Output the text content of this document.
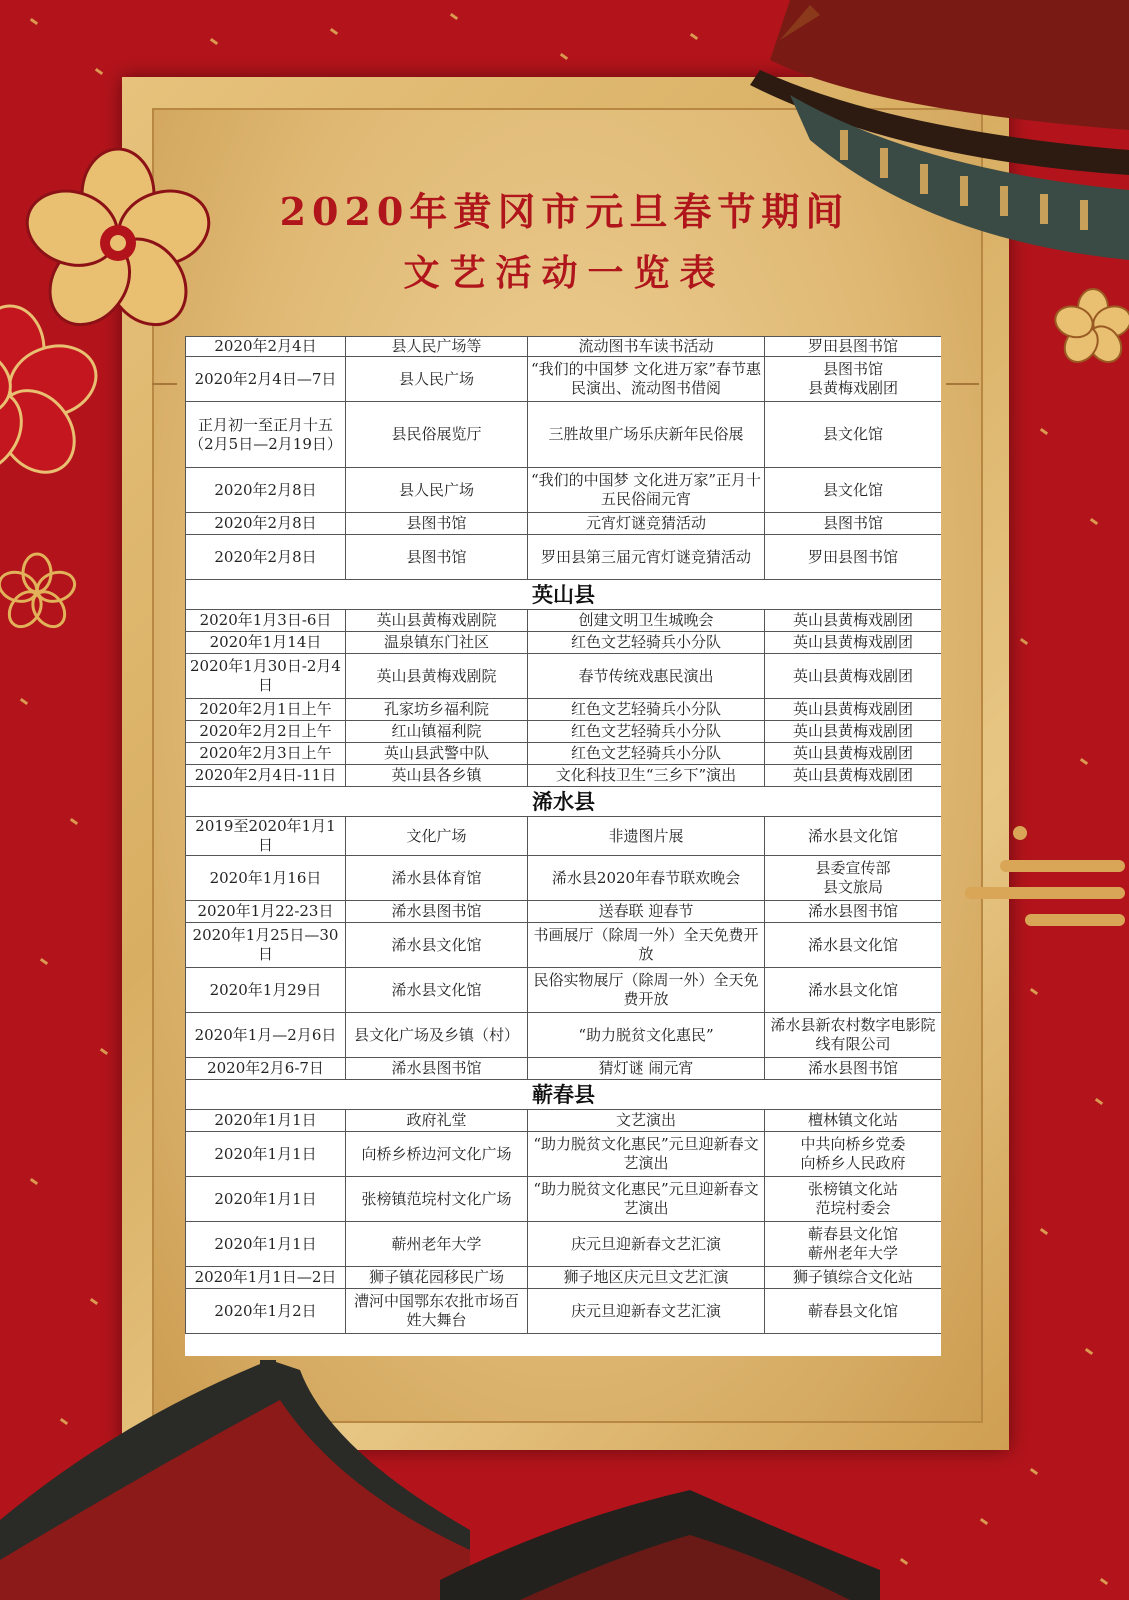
2020年黄冈市元旦春节期间
文艺活动一览表
2020年2月4日	县人民广场等	流动图书车读书活动	罗田县图书馆
2020年2月4日—7日	县人民广场	“我们的中国梦 文化进万家”春节惠民演出、流动图书借阅	县图书馆
县黄梅戏剧团
正月初一至正月十五（2月5日—2月19日）	县民俗展览厅	三胜故里广场乐庆新年民俗展	县文化馆
2020年2月8日	县人民广场	“我们的中国梦 文化进万家”正月十五民俗闹元宵	县文化馆
2020年2月8日	县图书馆	元宵灯谜竞猜活动	县图书馆
2020年2月8日	县图书馆	罗田县第三届元宵灯谜竞猜活动	罗田县图书馆
英山县			
2020年1月3日-6日	英山县黄梅戏剧院	创建文明卫生城晚会	英山县黄梅戏剧团
2020年1月14日	温泉镇东门社区	红色文艺轻骑兵小分队	英山县黄梅戏剧团
2020年1月30日-2月4日	英山县黄梅戏剧院	春节传统戏惠民演出	英山县黄梅戏剧团
2020年2月1日上午	孔家坊乡福利院	红色文艺轻骑兵小分队	英山县黄梅戏剧团
2020年2月2日上午	红山镇福利院	红色文艺轻骑兵小分队	英山县黄梅戏剧团
2020年2月3日上午	英山县武警中队	红色文艺轻骑兵小分队	英山县黄梅戏剧团
2020年2月4日-11日	英山县各乡镇	文化科技卫生“三乡下”演出	英山县黄梅戏剧团
浠水县			
2019至2020年1月1日	文化广场	非遗图片展	浠水县文化馆
2020年1月16日	浠水县体育馆	浠水县2020年春节联欢晚会	县委宣传部
县文旅局
2020年1月22-23日	浠水县图书馆	送春联 迎春节	浠水县图书馆
2020年1月25日—30日	浠水县文化馆	书画展厅（除周一外）全天免费开放	浠水县文化馆
2020年1月29日	浠水县文化馆	民俗实物展厅（除周一外）全天免费开放	浠水县文化馆
2020年1月—2月6日	县文化广场及乡镇（村）	“助力脱贫文化惠民”	浠水县新农村数字电影院线有限公司
2020年2月6-7日	浠水县图书馆	猜灯谜 闹元宵	浠水县图书馆
蕲春县			
2020年1月1日	政府礼堂	文艺演出	檀林镇文化站
2020年1月1日	向桥乡桥边河文化广场	“助力脱贫文化惠民”元旦迎新春文艺演出	中共向桥乡党委
向桥乡人民政府
2020年1月1日	张榜镇范垸村文化广场	“助力脱贫文化惠民”元旦迎新春文艺演出	张榜镇文化站
范垸村委会
2020年1月1日	蕲州老年大学	庆元旦迎新春文艺汇演	蕲春县文化馆
蕲州老年大学
2020年1月1日—2日	狮子镇花园移民广场	狮子地区庆元旦文艺汇演	狮子镇综合文化站
2020年1月2日	漕河中国鄂东农批市场百姓大舞台	庆元旦迎新春文艺汇演	蕲春县文化馆
